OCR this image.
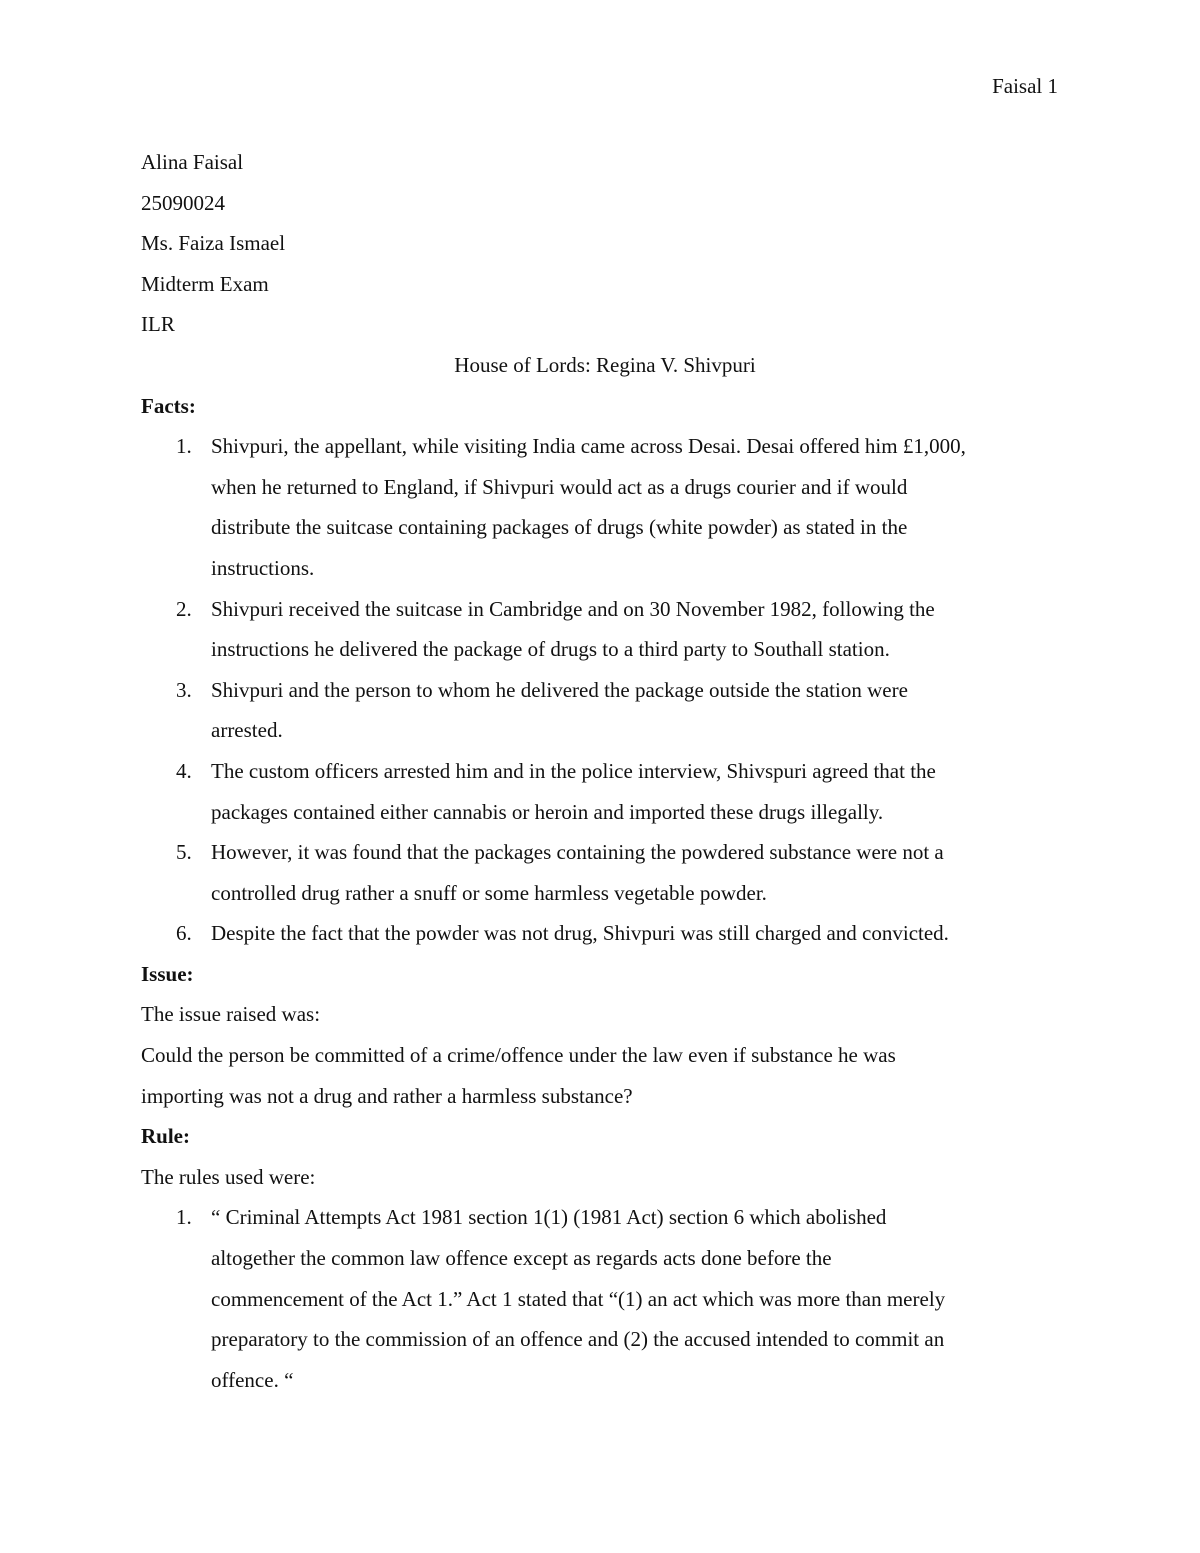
Faisal 1
Alina Faisal
25090024
Ms. Faiza Ismael
Midterm Exam
ILR
House of Lords: Regina V. Shivpuri
Facts:
1. Shivpuri, the appellant, while visiting India came across Desai. Desai offered him £1,000,
when he returned to England, if Shivpuri would act as a drugs courier and if would
distribute the suitcase containing packages of drugs (white powder) as stated in the
instructions.
2. Shivpuri received the suitcase in Cambridge and on 30 November 1982, following the
instructions he delivered the package of drugs to a third party to Southall station.
3. Shivpuri and the person to whom he delivered the package outside the station were
arrested.
4. The custom officers arrested him and in the police interview, Shivspuri agreed that the
packages contained either cannabis or heroin and imported these drugs illegally.
5. However, it was found that the packages containing the powdered substance were not a
controlled drug rather a snuff or some harmless vegetable powder.
6. Despite the fact that the powder was not drug, Shivpuri was still charged and convicted.
Issue:
The issue raised was:
Could the person be committed of a crime/offence under the law even if substance he was
importing was not a drug and rather a harmless substance?
Rule:
The rules used were:
1. “ Criminal Attempts Act 1981 section 1(1) (1981 Act) section 6 which abolished
altogether the common law offence except as regards acts done before the
commencement of the Act 1.” Act 1 stated that “(1) an act which was more than merely
preparatory to the commission of an offence and (2) the accused intended to commit an
offence. “
